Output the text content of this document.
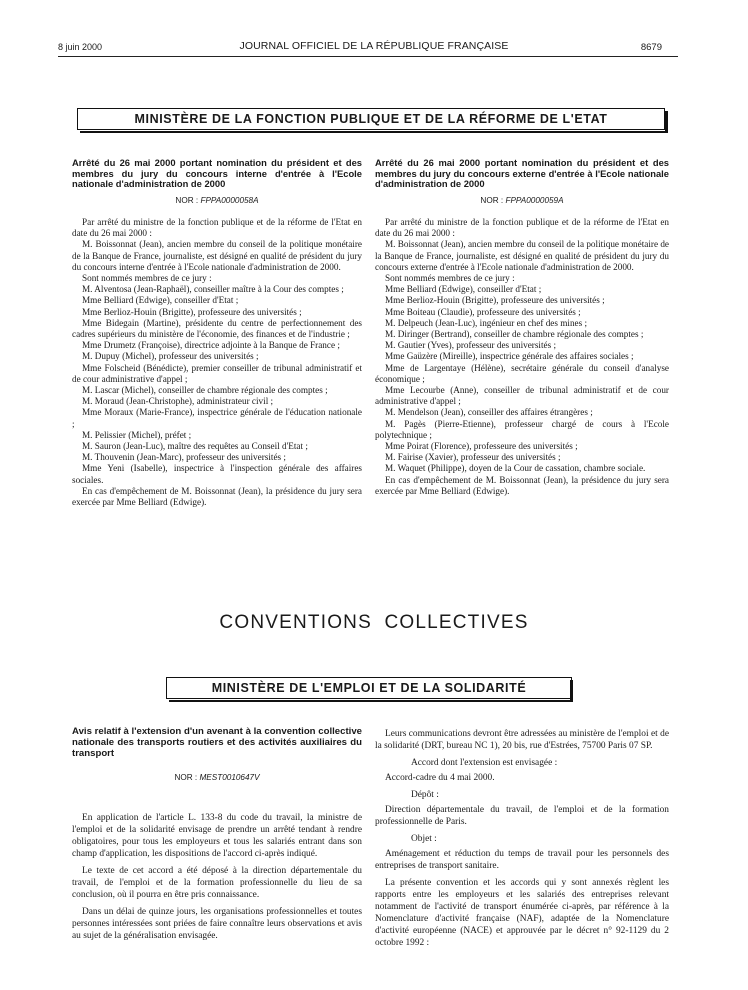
8 juin 2000	JOURNAL OFFICIEL DE LA RÉPUBLIQUE FRANÇAISE	8679
MINISTÈRE DE LA FONCTION PUBLIQUE ET DE LA RÉFORME DE L'ETAT

Arrêté du 26 mai 2000 portant nomination du président et des membres du jury du concours interne d'entrée à l'Ecole nationale d'administration de 2000

NOR : FPPA0000058A

Par arrêté du ministre de la fonction publique et de la réforme de l'Etat en date du 26 mai 2000 :

M. Boissonnat (Jean), ancien membre du conseil de la politique monétaire de la Banque de France, journaliste, est désigné en qualité de président du jury du concours interne d'entrée à l'Ecole nationale d'administration de 2000.

Sont nommés membres de ce jury :

M. Alventosa (Jean-Raphaël), conseiller maître à la Cour des comptes ;

Mme Belliard (Edwige), conseiller d'Etat ;

Mme Berlioz-Houin (Brigitte), professeure des universités ;

Mme Bidegain (Martine), présidente du centre de perfectionnement des cadres supérieurs du ministère de l'économie, des finances et de l'industrie ;

Mme Drumetz (Françoise), directrice adjointe à la Banque de France ;

M. Dupuy (Michel), professeur des universités ;

Mme Folscheid (Bénédicte), premier conseiller de tribunal administratif et de cour administrative d'appel ;

M. Lascar (Michel), conseiller de chambre régionale des comptes ;

M. Moraud (Jean-Christophe), administrateur civil ;

Mme Moraux (Marie-France), inspectrice générale de l'éducation nationale ;

M. Pelissier (Michel), préfet ;

M. Sauron (Jean-Luc), maître des requêtes au Conseil d'Etat ;

M. Thouvenin (Jean-Marc), professeur des universités ;

Mme Yeni (Isabelle), inspectrice à l'inspection générale des affaires sociales.

En cas d'empêchement de M. Boissonnat (Jean), la présidence du jury sera exercée par Mme Belliard (Edwige).

Arrêté du 26 mai 2000 portant nomination du président et des membres du jury du concours externe d'entrée à l'Ecole nationale d'administration de 2000

NOR : FPPA0000059A

Par arrêté du ministre de la fonction publique et de la réforme de l'Etat en date du 26 mai 2000 :

M. Boissonnat (Jean), ancien membre du conseil de la politique monétaire de la Banque de France, journaliste, est désigné en qualité de président du jury du concours externe d'entrée à l'Ecole nationale d'administration de 2000.

Sont nommés membres de ce jury :

Mme Belliard (Edwige), conseiller d'Etat ;

Mme Berlioz-Houin (Brigitte), professeure des universités ;

Mme Boiteau (Claudie), professeure des universités ;

M. Delpeuch (Jean-Luc), ingénieur en chef des mines ;

M. Diringer (Bertrand), conseiller de chambre régionale des comptes ;

M. Gautier (Yves), professeur des universités ;

Mme Gaüzère (Mireille), inspectrice générale des affaires sociales ;

Mme de Largentaye (Hélène), secrétaire générale du conseil d'analyse économique ;

Mme Lecourbe (Anne), conseiller de tribunal administratif et de cour administrative d'appel ;

M. Mendelson (Jean), conseiller des affaires étrangères ;

M. Pagès (Pierre-Etienne), professeur chargé de cours à l'Ecole polytechnique ;

Mme Poirat (Florence), professeure des universités ;

M. Fairise (Xavier), professeur des universités ;

M. Waquet (Philippe), doyen de la Cour de cassation, chambre sociale.

En cas d'empêchement de M. Boissonnat (Jean), la présidence du jury sera exercée par Mme Belliard (Edwige).

CONVENTIONS COLLECTIVES
MINISTÈRE DE L'EMPLOI ET DE LA SOLIDARITÉ

Avis relatif à l'extension d'un avenant à la convention collective nationale des transports routiers et des activités auxiliaires du transport

NOR : MEST0010647V

En application de l'article L. 133-8 du code du travail, la ministre de l'emploi et de la solidarité envisage de prendre un arrêté tendant à rendre obligatoires, pour tous les employeurs et tous les salariés entrant dans son champ d'application, les dispositions de l'accord ci-après indiqué.

Le texte de cet accord a été déposé à la direction départementale du travail, de l'emploi et de la formation professionnelle du lieu de sa conclusion, où il pourra en être pris connaissance.

Dans un délai de quinze jours, les organisations professionnelles et toutes personnes intéressées sont priées de faire connaître leurs observations et avis au sujet de la généralisation envisagée.

Leurs communications devront être adressées au ministère de l'emploi et de la solidarité (DRT, bureau NC 1), 20 bis, rue d'Estrées, 75700 Paris 07 SP.

Accord dont l'extension est envisagée :

Accord-cadre du 4 mai 2000.

Dépôt :

Direction départementale du travail, de l'emploi et de la formation professionnelle de Paris.

Objet :

Aménagement et réduction du temps de travail pour les personnels des entreprises de transport sanitaire.

La présente convention et les accords qui y sont annexés règlent les rapports entre les employeurs et les salariés des entreprises relevant notamment de l'activité de transport énumérée ci-après, par référence à la Nomenclature d'activité française (NAF), adaptée de la Nomenclature d'activité européenne (NACE) et approuvée par le décret n° 92-1129 du 2 octobre 1992 :
